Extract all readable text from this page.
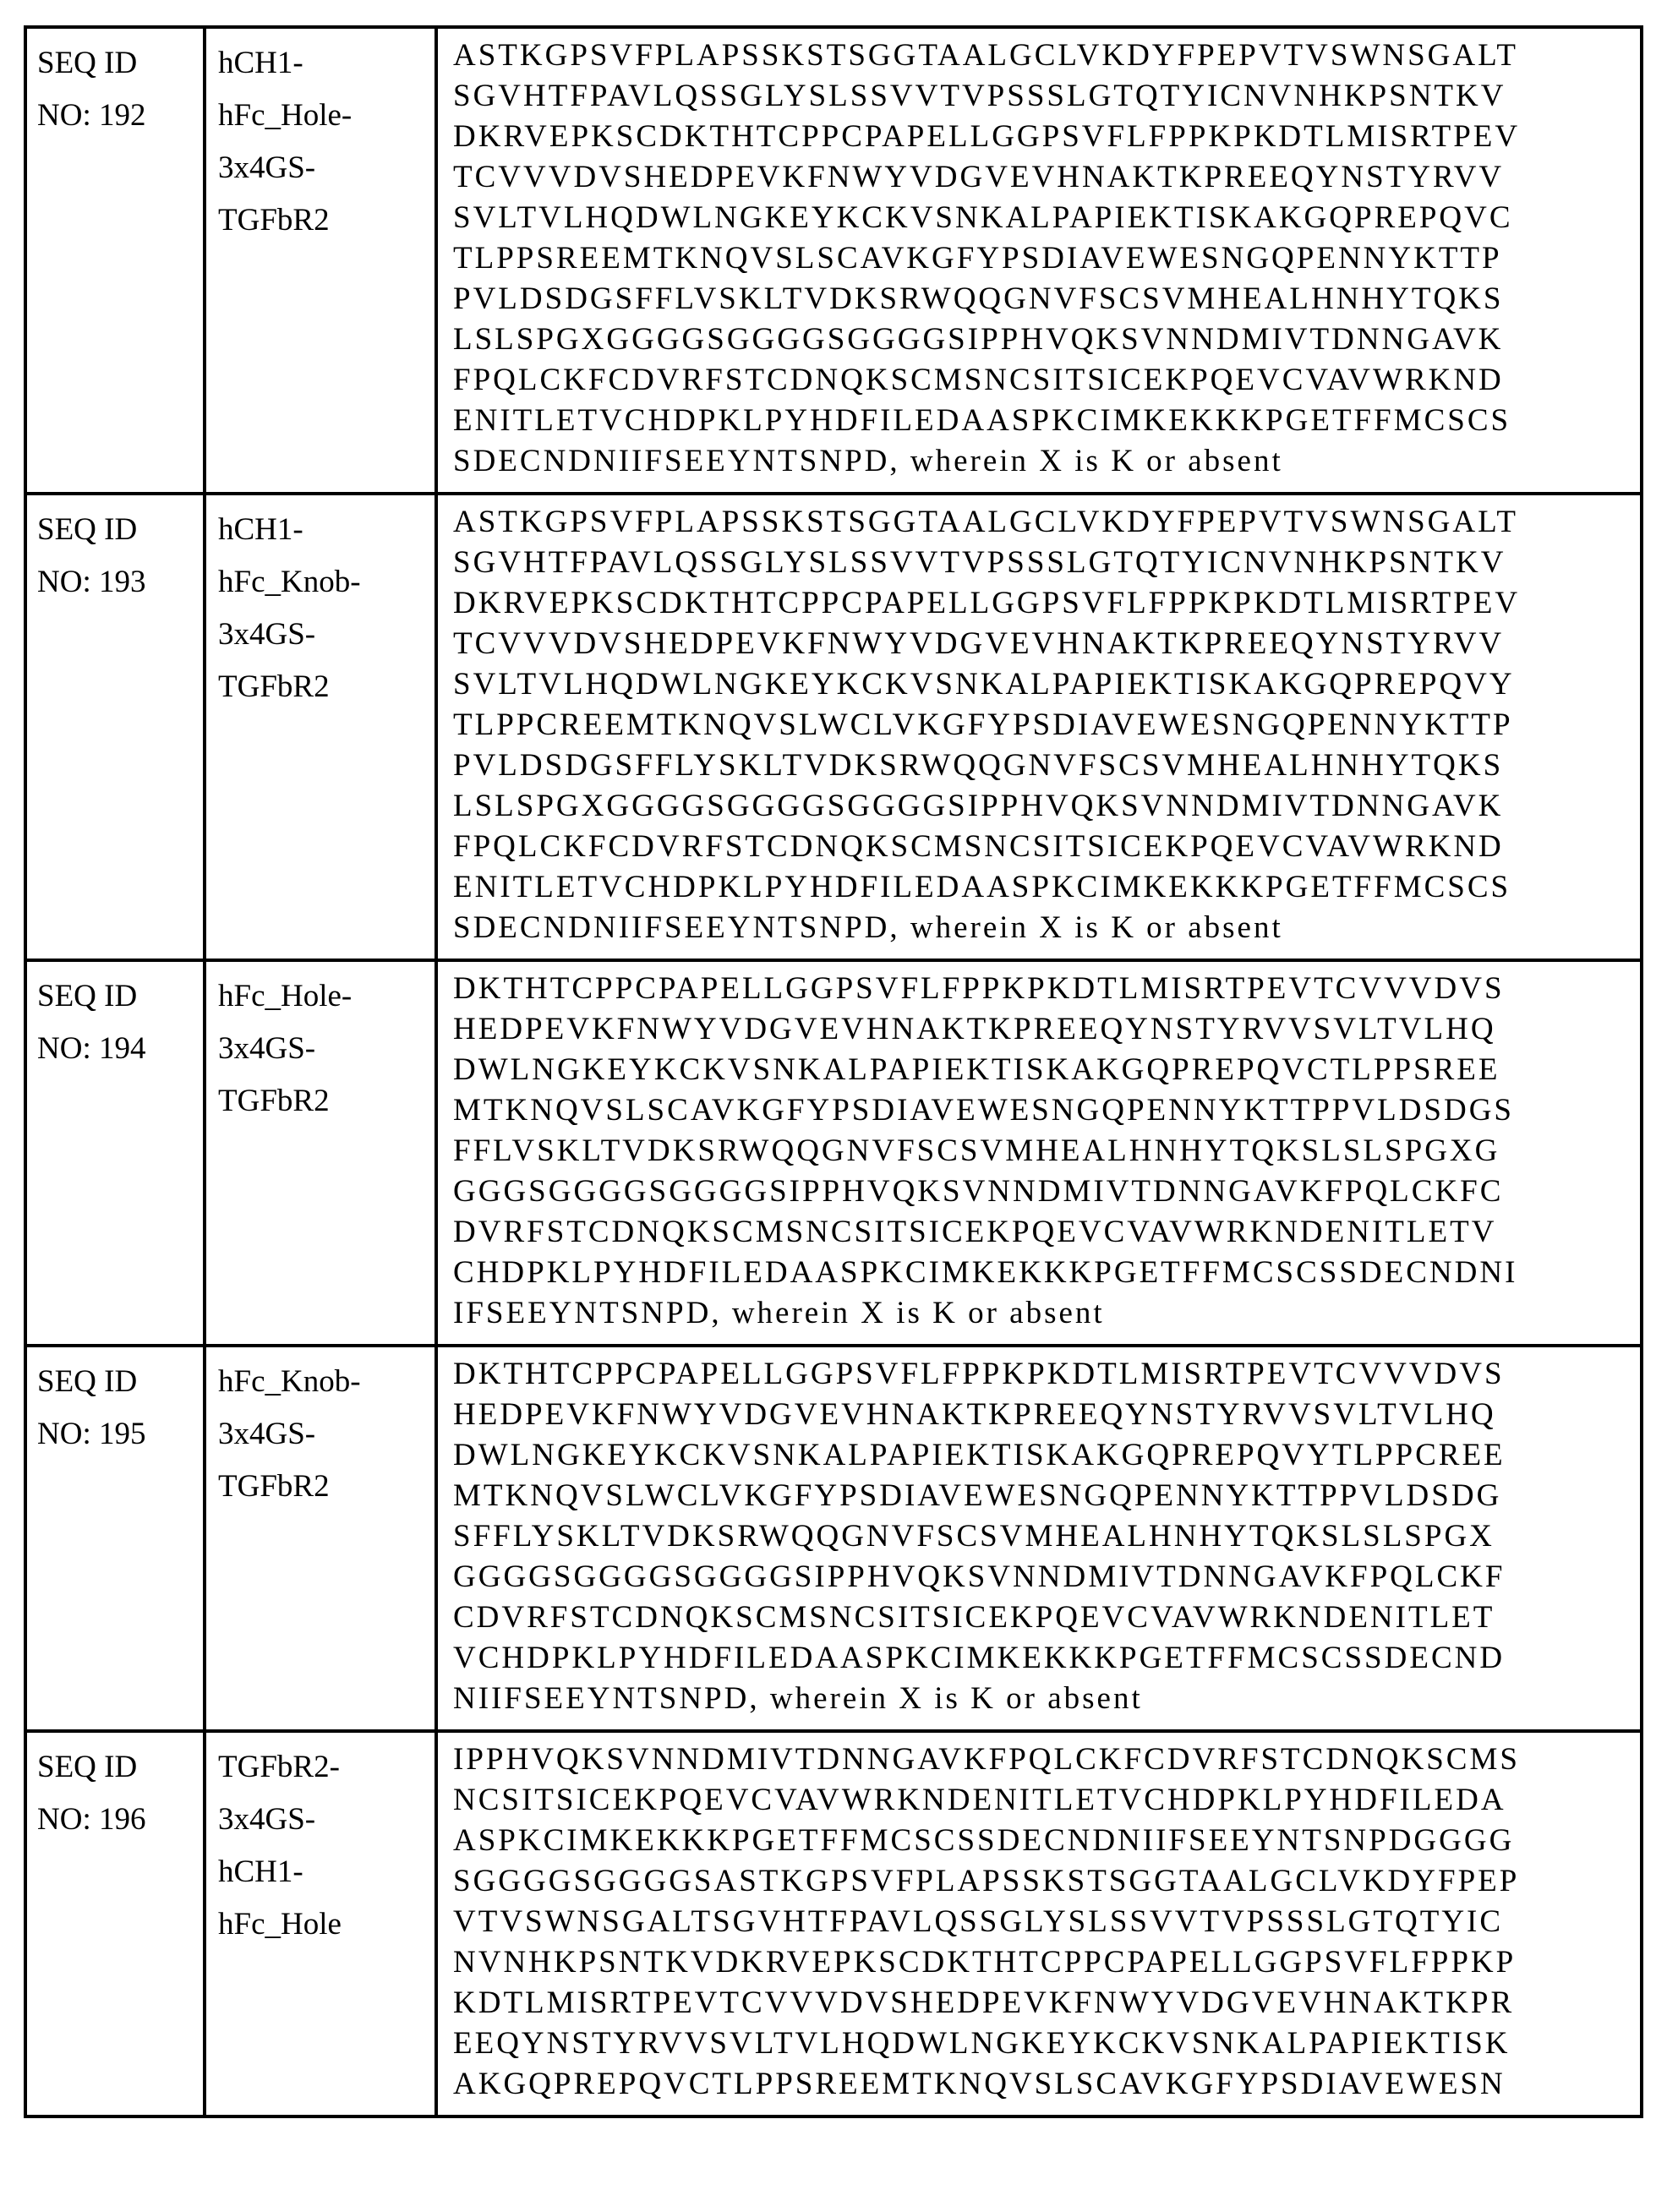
SEQ ID
NO: 192

hCH1-
hFc_Hole-
3x4GS-
TGFbR2

ASTKGPSVFPLAPSSKSTSGGTAALGCLVKDYFPEPVTVSWNSGALT
SGVHTFPAVLQSSGLYSLSSVVTVPSSSLGTQTYICNVNHKPSNTKV
DKRVEPKSCDKTHTCPPCPAPELLGGPSVFLFPPKPKDTLMISRTPEV
TCVVVDVSHEDPEVKFNWYVDGVEVHNAKTKPREEQYNSTYRVV
SVLTVLHQDWLNGKEYKCKVSNKALPAPIEKTISKAKGQPREPQVC
TLPPSREEMTKNQVSLSCAVKGFYPSDIAVEWESNGQPENNYKTTP
PVLDSDGSFFLVSKLTVDKSRWQQGNVFSCSVMHEALHNHYTQKS
LSLSPGXGGGGSGGGGSGGGGSIPPHVQKSVNNDMIVTDNNGAVK
FPQLCKFCDVRFSTCDNQKSCMSNCSITSICEKPQEVCVAVWRKND
ENITLETVCHDPKLPYHDFILEDAASPKCIMKEKKKPGETFFMCSCS
SDECNDNIIFSEEYNTSNPD, wherein X is K or absent

SEQ ID
NO: 193

hCH1-
hFc_Knob-
3x4GS-
TGFbR2

ASTKGPSVFPLAPSSKSTSGGTAALGCLVKDYFPEPVTVSWNSGALT
SGVHTFPAVLQSSGLYSLSSVVTVPSSSLGTQTYICNVNHKPSNTKV
DKRVEPKSCDKTHTCPPCPAPELLGGPSVFLFPPKPKDTLMISRTPEV
TCVVVDVSHEDPEVKFNWYVDGVEVHNAKTKPREEQYNSTYRVV
SVLTVLHQDWLNGKEYKCKVSNKALPAPIEKTISKAKGQPREPQVY
TLPPCREEMTKNQVSLWCLVKGFYPSDIAVEWESNGQPENNYKTTP
PVLDSDGSFFLYSKLTVDKSRWQQGNVFSCSVMHEALHNHYTQKS
LSLSPGXGGGGSGGGGSGGGGSIPPHVQKSVNNDMIVTDNNGAVK
FPQLCKFCDVRFSTCDNQKSCMSNCSITSICEKPQEVCVAVWRKND
ENITLETVCHDPKLPYHDFILEDAASPKCIMKEKKKPGETFFMCSCS
SDECNDNIIFSEEYNTSNPD, wherein X is K or absent

SEQ ID
NO: 194

hFc_Hole-
3x4GS-
TGFbR2

DKTHTCPPCPAPELLGGPSVFLFPPKPKDTLMISRTPEVTCVVVDVS
HEDPEVKFNWYVDGVEVHNAKTKPREEQYNSTYRVVSVLTVLHQ
DWLNGKEYKCKVSNKALPAPIEKTISKAKGQPREPQVCTLPPSREE
MTKNQVSLSCAVKGFYPSDIAVEWESNGQPENNYKTTPPVLDSDGS
FFLVSKLTVDKSRWQQGNVFSCSVMHEALHNHYTQKSLSLSPGXG
GGGSGGGGSGGGGSIPPHVQKSVNNDMIVTDNNGAVKFPQLCKFC
DVRFSTCDNQKSCMSNCSITSICEKPQEVCVAVWRKNDENITLETV
CHDPKLPYHDFILEDAASPKCIMKEKKKPGETFFMCSCSSDECNDNI
IFSEEYNTSNPD, wherein X is K or absent

SEQ ID
NO: 195

hFc_Knob-
3x4GS-
TGFbR2

DKTHTCPPCPAPELLGGPSVFLFPPKPKDTLMISRTPEVTCVVVDVS
HEDPEVKFNWYVDGVEVHNAKTKPREEQYNSTYRVVSVLTVLHQ
DWLNGKEYKCKVSNKALPAPIEKTISKAKGQPREPQVYTLPPCREE
MTKNQVSLWCLVKGFYPSDIAVEWESNGQPENNYKTTPPVLDSDG
SFFLYSKLTVDKSRWQQGNVFSCSVMHEALHNHYTQKSLSLSPGX
GGGGSGGGGSGGGGSIPPHVQKSVNNDMIVTDNNGAVKFPQLCKF
CDVRFSTCDNQKSCMSNCSITSICEKPQEVCVAVWRKNDENITLET
VCHDPKLPYHDFILEDAASPKCIMKEKKKPGETFFMCSCSSDECND
NIIFSEEYNTSNPD, wherein X is K or absent

SEQ ID
NO: 196

TGFbR2-
3x4GS-
hCH1-
hFc_Hole

IPPHVQKSVNNDMIVTDNNGAVKFPQLCKFCDVRFSTCDNQKSCMS
NCSITSICEKPQEVCVAVWRKNDENITLETVCHDPKLPYHDFILEDA
ASPKCIMKEKKKPGETFFMCSCSSDECNDNIIFSEEYNTSNPDGGGG
SGGGGSGGGGSASTKGPSVFPLAPSSKSTSGGTAALGCLVKDYFPEP
VTVSWNSGALTSGVHTFPAVLQSSGLYSLSSVVTVPSSSLGTQTYIC
NVNHKPSNTKVDKRVEPKSCDKTHTCPPCPAPELLGGPSVFLFPPKP
KDTLMISRTPEVTCVVVDVSHEDPEVKFNWYVDGVEVHNAKTKPR
EEQYNSTYRVVSVLTVLHQDWLNGKEYKCKVSNKALPAPIEKTISK
AKGQPREPQVCTLPPSREEMTKNQVSLSCAVKGFYPSDIAVEWESN
